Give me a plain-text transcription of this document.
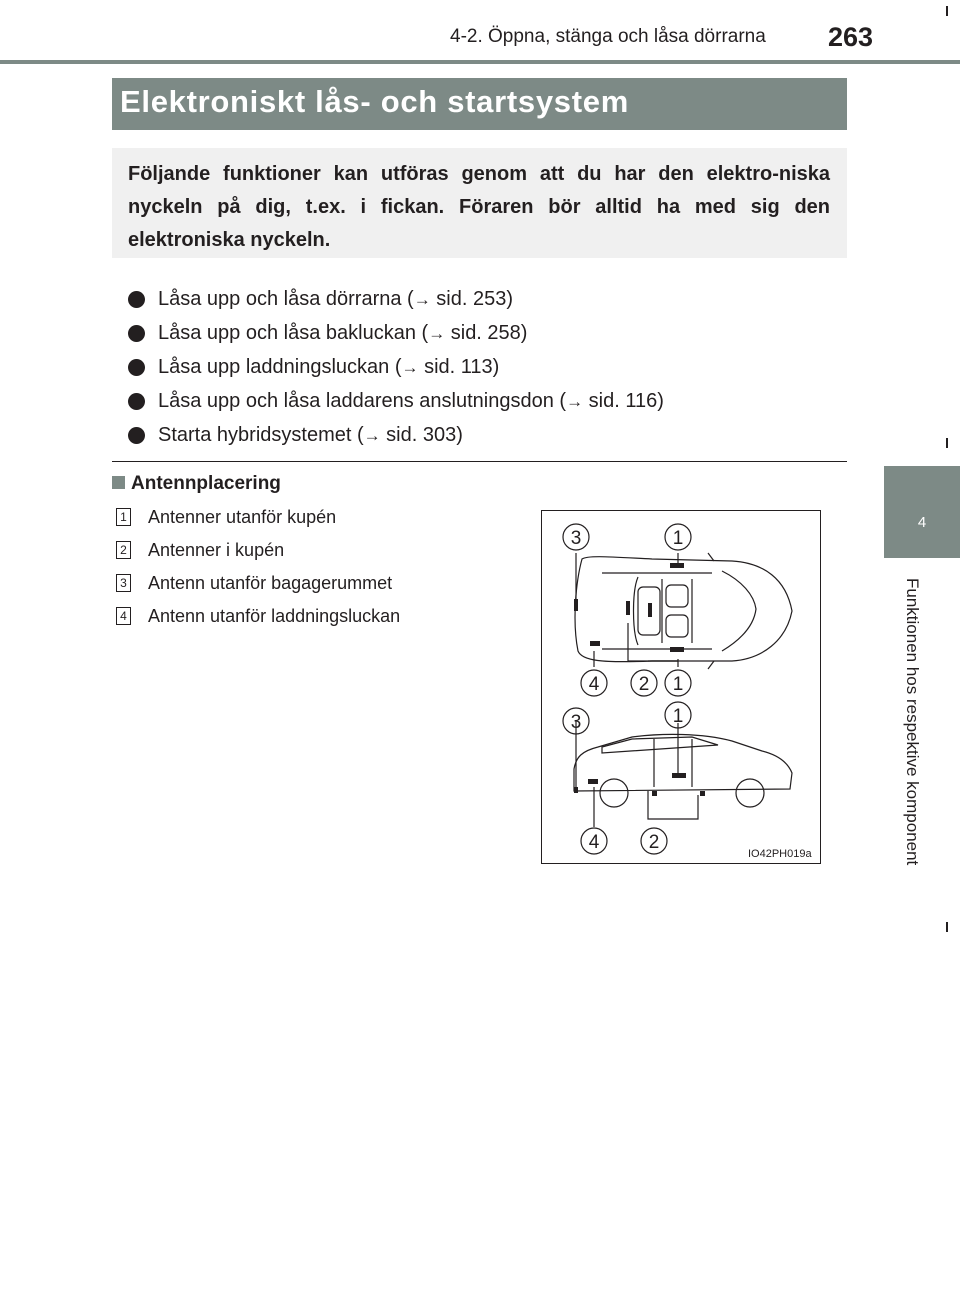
4-2. Öppna, stänga och låsa dörrarna 263
4
Funktionen hos respektive komponent
Elektroniskt lås- och startsystem
Följande funktioner kan utföras genom att du har den elektro-niska nyckeln på dig, t.ex. i fickan. Föraren bör alltid ha med sig den elektroniska nyckeln.
Låsa upp och låsa dörrarna (→ sid. 253)
Låsa upp och låsa bakluckan (→ sid. 258)
Låsa upp laddningsluckan (→ sid. 113)
Låsa upp och låsa laddarens anslutningsdon (→ sid. 116)
Starta hybridsystemet (→ sid. 303)
Antennplacering
1 Antenner utanför kupén
2 Antenner i kupén
3 Antenn utanför bagagerummet
4 Antenn utanför laddningsluckan
3	1
4 2 1
3	1
4	2
IO42PH019a
